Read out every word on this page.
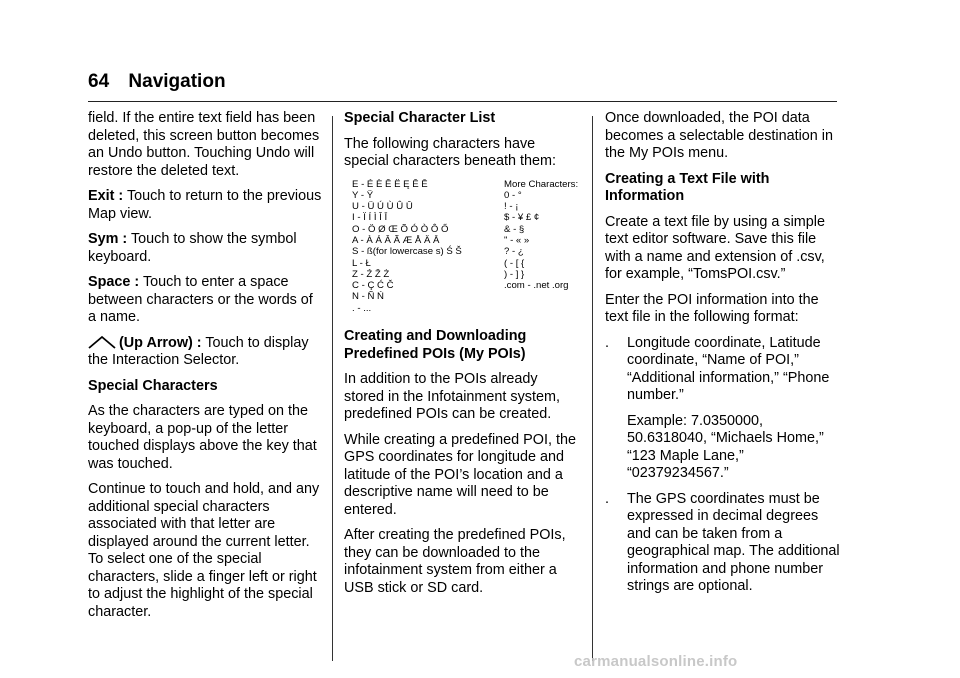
64 Navigation

field. If the entire text field has been deleted, this screen button becomes an Undo button. Touching Undo will restore the deleted text.

Exit : Touch to return to the previous Map view.

Sym : Touch to show the symbol keyboard.

Space : Touch to enter a space between characters or the words of a name.

(Up Arrow) : Touch to display the Interaction Selector.

Special Characters

As the characters are typed on the keyboard, a pop-up of the letter touched displays above the key that was touched.

Continue to touch and hold, and any additional special characters associated with that letter are displayed around the current letter. To select one of the special characters, slide a finger left or right to adjust the highlight of the special character.

Special Character List

The following characters have special characters beneath them:

E - É È Ê Ë Ę Ě Ē
Y - Ÿ
U - Ü Ú Ù Û Ū
I - Ï Í Ì Î Ī
O - Ö Ø Œ Õ Ó Ò Ô Ő
A - À Á Â Ã Æ Å Ä Ā
S - ß(for lowercase s) Ś Š
L - Ł
Z - Ź Ž Ż
C - Ç Ć Č
N - Ñ Ń
. - ...
More Characters:
0 - °
! - ¡
$ - ¥ £ ¢
& - §
" - « »
? - ¿
( - [ {
) - ] }
.com - .net .org

Creating and Downloading Predefined POIs (My POIs)

In addition to the POIs already stored in the Infotainment system, predefined POIs can be created.

While creating a predefined POI, the GPS coordinates for longitude and latitude of the POI’s location and a descriptive name will need to be entered.

After creating the predefined POIs, they can be downloaded to the infotainment system from either a USB stick or SD card.

Once downloaded, the POI data becomes a selectable destination in the My POIs menu.

Creating a Text File with Information

Create a text file by using a simple text editor software. Save this file with a name and extension of .csv, for example, “TomsPOI.csv.”

Enter the POI information into the text file in the following format:

.	Longitude coordinate, Latitude coordinate, “Name of POI,” “Additional information,” “Phone number.”

Example: 7.0350000, 50.6318040, “Michaels Home,” “123 Maple Lane,” “02379234567.”

.	The GPS coordinates must be expressed in decimal degrees and can be taken from a geographical map. The additional information and phone number strings are optional.
carmanualsonline.info
